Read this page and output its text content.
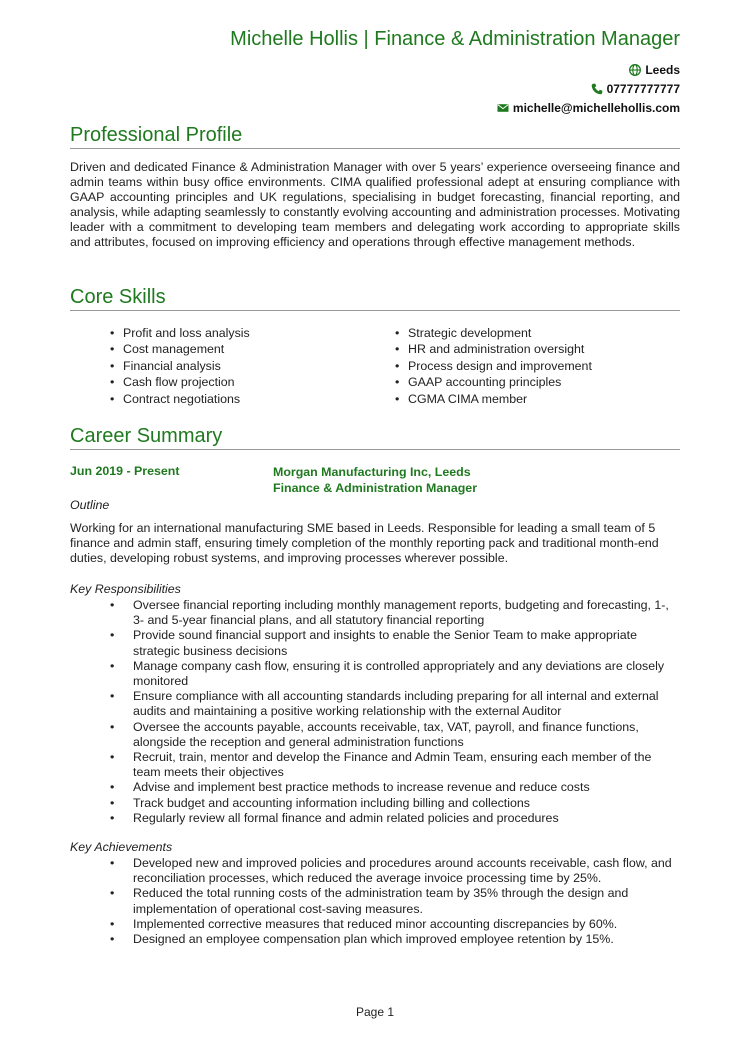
Michelle Hollis | Finance & Administration Manager
Leeds
07777777777
michelle@michellehollis.com
Professional Profile
Driven and dedicated Finance & Administration Manager with over 5 years’ experience overseeing finance and admin teams within busy office environments. CIMA qualified professional adept at ensuring compliance with GAAP accounting principles and UK regulations, specialising in budget forecasting, financial reporting, and analysis, while adapting seamlessly to constantly evolving accounting and administration processes. Motivating leader with a commitment to developing team members and delegating work according to appropriate skills and attributes, focused on improving efficiency and operations through effective management methods.
Core Skills
Career Summary
Jun 2019 - Present	Morgan Manufacturing Inc, Leeds
Finance & Administration Manager
Outline
Working for an international manufacturing SME based in Leeds. Responsible for leading a small team of 5 finance and admin staff, ensuring timely completion of the monthly reporting pack and traditional month-end duties, developing robust systems, and improving processes wherever possible.
Key Responsibilities
• Oversee financial reporting including monthly management reports, budgeting and forecasting, 1-, 3- and 5-year financial plans, and all statutory financial reporting
• Provide sound financial support and insights to enable the Senior Team to make appropriate strategic business decisions
• Manage company cash flow, ensuring it is controlled appropriately and any deviations are closely monitored
• Ensure compliance with all accounting standards including preparing for all internal and external audits and maintaining a positive working relationship with the external Auditor
• Oversee the accounts payable, accounts receivable, tax, VAT, payroll, and finance functions, alongside the reception and general administration functions
• Recruit, train, mentor and develop the Finance and Admin Team, ensuring each member of the team meets their objectives
• Advise and implement best practice methods to increase revenue and reduce costs
• Track budget and accounting information including billing and collections
• Regularly review all formal finance and admin related policies and procedures
Key Achievements
• Developed new and improved policies and procedures around accounts receivable, cash flow, and reconciliation processes, which reduced the average invoice processing time by 25%.
• Reduced the total running costs of the administration team by 35% through the design and implementation of operational cost-saving measures.
• Implemented corrective measures that reduced minor accounting discrepancies by 60%.
• Designed an employee compensation plan which improved employee retention by 15%.
• Profit and loss analysis
• Cost management
• Financial analysis
• Cash flow projection
• Contract negotiations
• Strategic development
• HR and administration oversight
• Process design and improvement
• GAAP accounting principles
• CGMA CIMA member
Page 1
